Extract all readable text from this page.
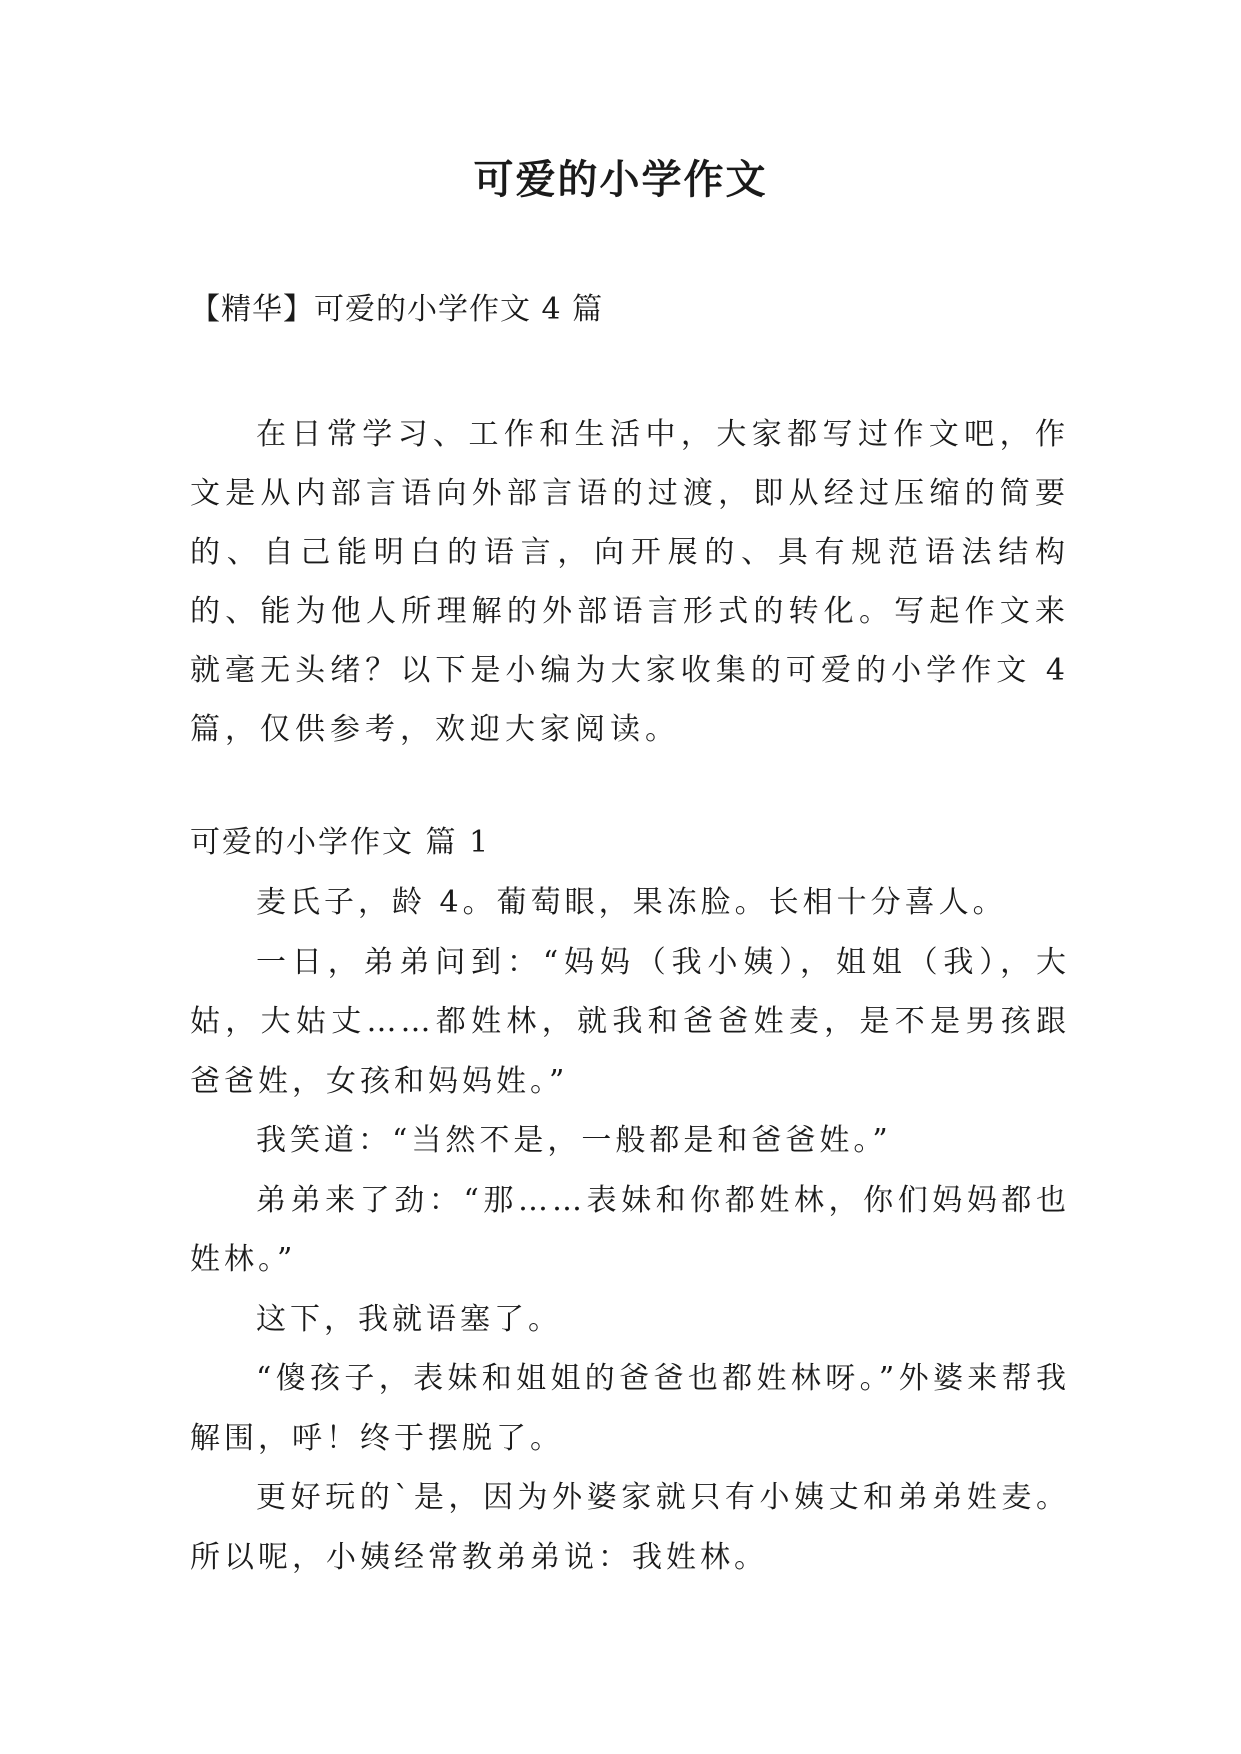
可爱的小学作文

【精华】可爱的小学作文 4 篇

在日常学习、工作和生活中，大家都写过作文吧，作文是从内部言语向外部言语的过渡，即从经过压缩的简要的、自己能明白的语言，向开展的、具有规范语法结构的、能为他人所理解的外部语言形式的转化。写起作文来就毫无头绪？以下是小编为大家收集的可爱的小学作文 4 篇，仅供参考，欢迎大家阅读。

可爱的小学作文 篇 1

麦氏子，龄 4。葡萄眼，果冻脸。长相十分喜人。

一日，弟弟问到：“妈妈（我小姨），姐姐（我），大姑，大姑丈……都姓林，就我和爸爸姓麦，是不是男孩跟爸爸姓，女孩和妈妈姓。”

我笑道：“当然不是，一般都是和爸爸姓。”

弟弟来了劲：“那……表妹和你都姓林，你们妈妈都也姓林。”

这下，我就语塞了。

“傻孩子，表妹和姐姐的爸爸也都姓林呀。”外婆来帮我解围，呼！终于摆脱了。

更好玩的`是，因为外婆家就只有小姨丈和弟弟姓麦。所以呢，小姨经常教弟弟说：我姓林。
